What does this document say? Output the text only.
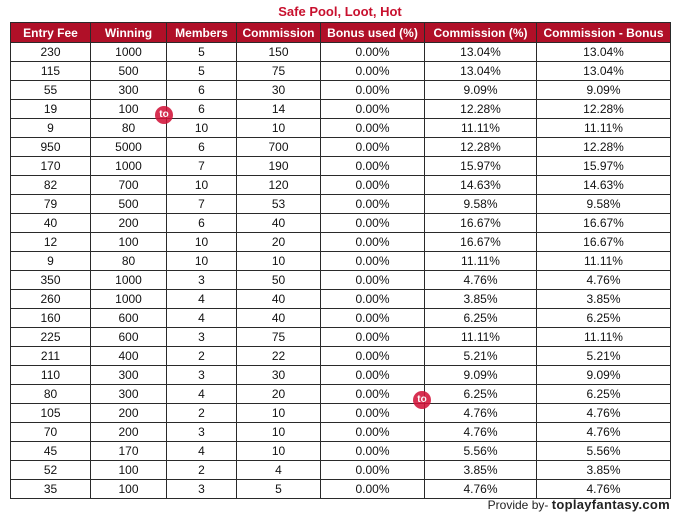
Safe Pool, Loot, Hot
Entry Fee	Winning	Members	Commission	Bonus used (%)	Commission (%)	Commission - Bonus
230	1000	5	150	0.00%	13.04%	13.04%
115	500	5	75	0.00%	13.04%	13.04%
55	300	6	30	0.00%	9.09%	9.09%
19	100	6	14	0.00%	12.28%	12.28%
9	80	10	10	0.00%	11.11%	11.11%
950	5000	6	700	0.00%	12.28%	12.28%
170	1000	7	190	0.00%	15.97%	15.97%
82	700	10	120	0.00%	14.63%	14.63%
79	500	7	53	0.00%	9.58%	9.58%
40	200	6	40	0.00%	16.67%	16.67%
12	100	10	20	0.00%	16.67%	16.67%
9	80	10	10	0.00%	11.11%	11.11%
350	1000	3	50	0.00%	4.76%	4.76%
260	1000	4	40	0.00%	3.85%	3.85%
160	600	4	40	0.00%	6.25%	6.25%
225	600	3	75	0.00%	11.11%	11.11%
211	400	2	22	0.00%	5.21%	5.21%
110	300	3	30	0.00%	9.09%	9.09%
80	300	4	20	0.00%	6.25%	6.25%
105	200	2	10	0.00%	4.76%	4.76%
70	200	3	10	0.00%	4.76%	4.76%
45	170	4	10	0.00%	5.56%	5.56%
52	100	2	4	0.00%	3.85%	3.85%
35	100	3	5	0.00%	4.76%	4.76%
to
to
Provide by- toplayfantasy.com
